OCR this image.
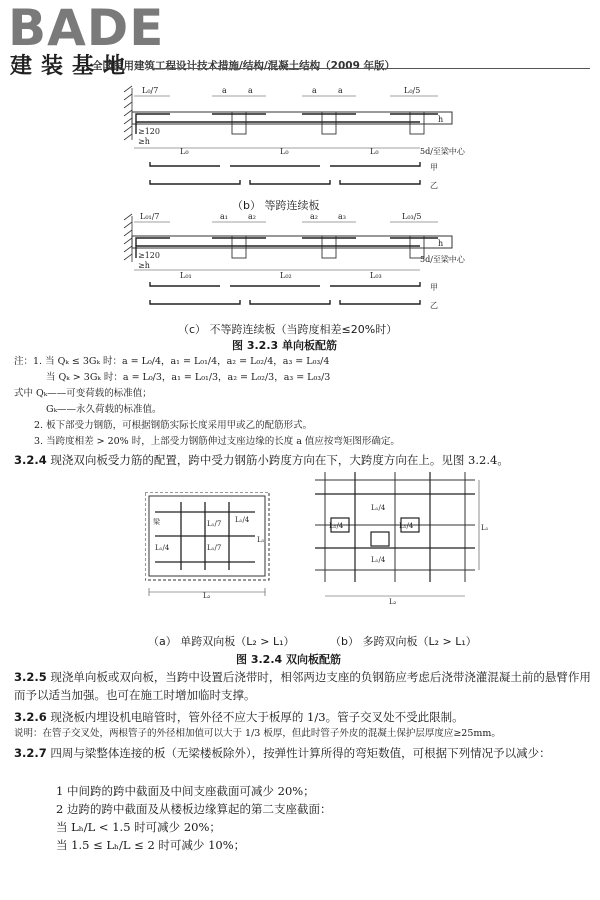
BADE
建装基地
全国民用建筑工程设计技术措施/结构/混凝土结构（2009 年版）
L₀/7	a	a	a	a	L₀/5
≥120
≥h
h
L₀	L₀	L₀	5d/至梁中心
甲
乙
（b） 等跨连续板
L₀₁/7	a₁	a₂	a₂	a₃	L₀₃/5
≥120
≥h
h
L₀₁	L₀₂	L₀₃
5d/至梁中心
甲
乙
（c） 不等跨连续板（当跨度相差≤20%时）
图 3.2.3 单向板配筋
注：1. 当 Qₖ ≤ 3Gₖ 时：a = L₀/4，a₁ = L₀₁/4，a₂ = L₀₂/4，a₃ = L₀₃/4
当 Qₖ > 3Gₖ 时：a = L₀/3，a₁ = L₀₁/3，a₂ = L₀₂/3，a₃ = L₀₃/3
式中 Qₖ——可变荷载的标准值；
Gₖ——永久荷载的标准值。
2. 板下部受力钢筋，可根据钢筋实际长度采用甲或乙的配筋形式。
3. 当跨度相差 > 20% 时，上部受力钢筋伸过支座边缘的长度 a 值应按弯矩图形确定。
3.2.4 现浇双向板受力筋的配置，跨中受力钢筋小跨度方向在下，大跨度方向在上。见图 3.2.4。
梁	L₁/4
L₁/4	L₁/7
L₁/7
L₁
L₂
L₁/4	L₁/4
L₁/4
L₁/4
L₁
L₂
（a） 单跨双向板（L₂ > L₁）	（b） 多跨双向板（L₂ > L₁）
图 3.2.4 双向板配筋
3.2.5 现浇单向板或双向板，当跨中设置后浇带时，相邻两边支座的负钢筋应考虑后浇带浇灌混凝土前的悬臂作用而予以适当加强。也可在施工时增加临时支撑。
3.2.6 现浇板内埋设机电暗管时，管外径不应大于板厚的 1/3。管子交叉处不受此限制。
说明：在管子交叉处，两根管子的外径相加值可以大于 1/3 板厚，但此时管子外皮的混凝土保护层厚度应≥25mm。
3.2.7 四周与梁整体连接的板（无梁楼板除外），按弹性计算所得的弯矩数值，可根据下列情况予以减少：
1 中间跨的跨中截面及中间支座截面可减少 20%；
2 边跨的跨中截面及从楼板边缘算起的第二支座截面：
当 Lₕ/L < 1.5 时可减少 20%；
当 1.5 ≤ Lₕ/L ≤ 2 时可减少 10%；
